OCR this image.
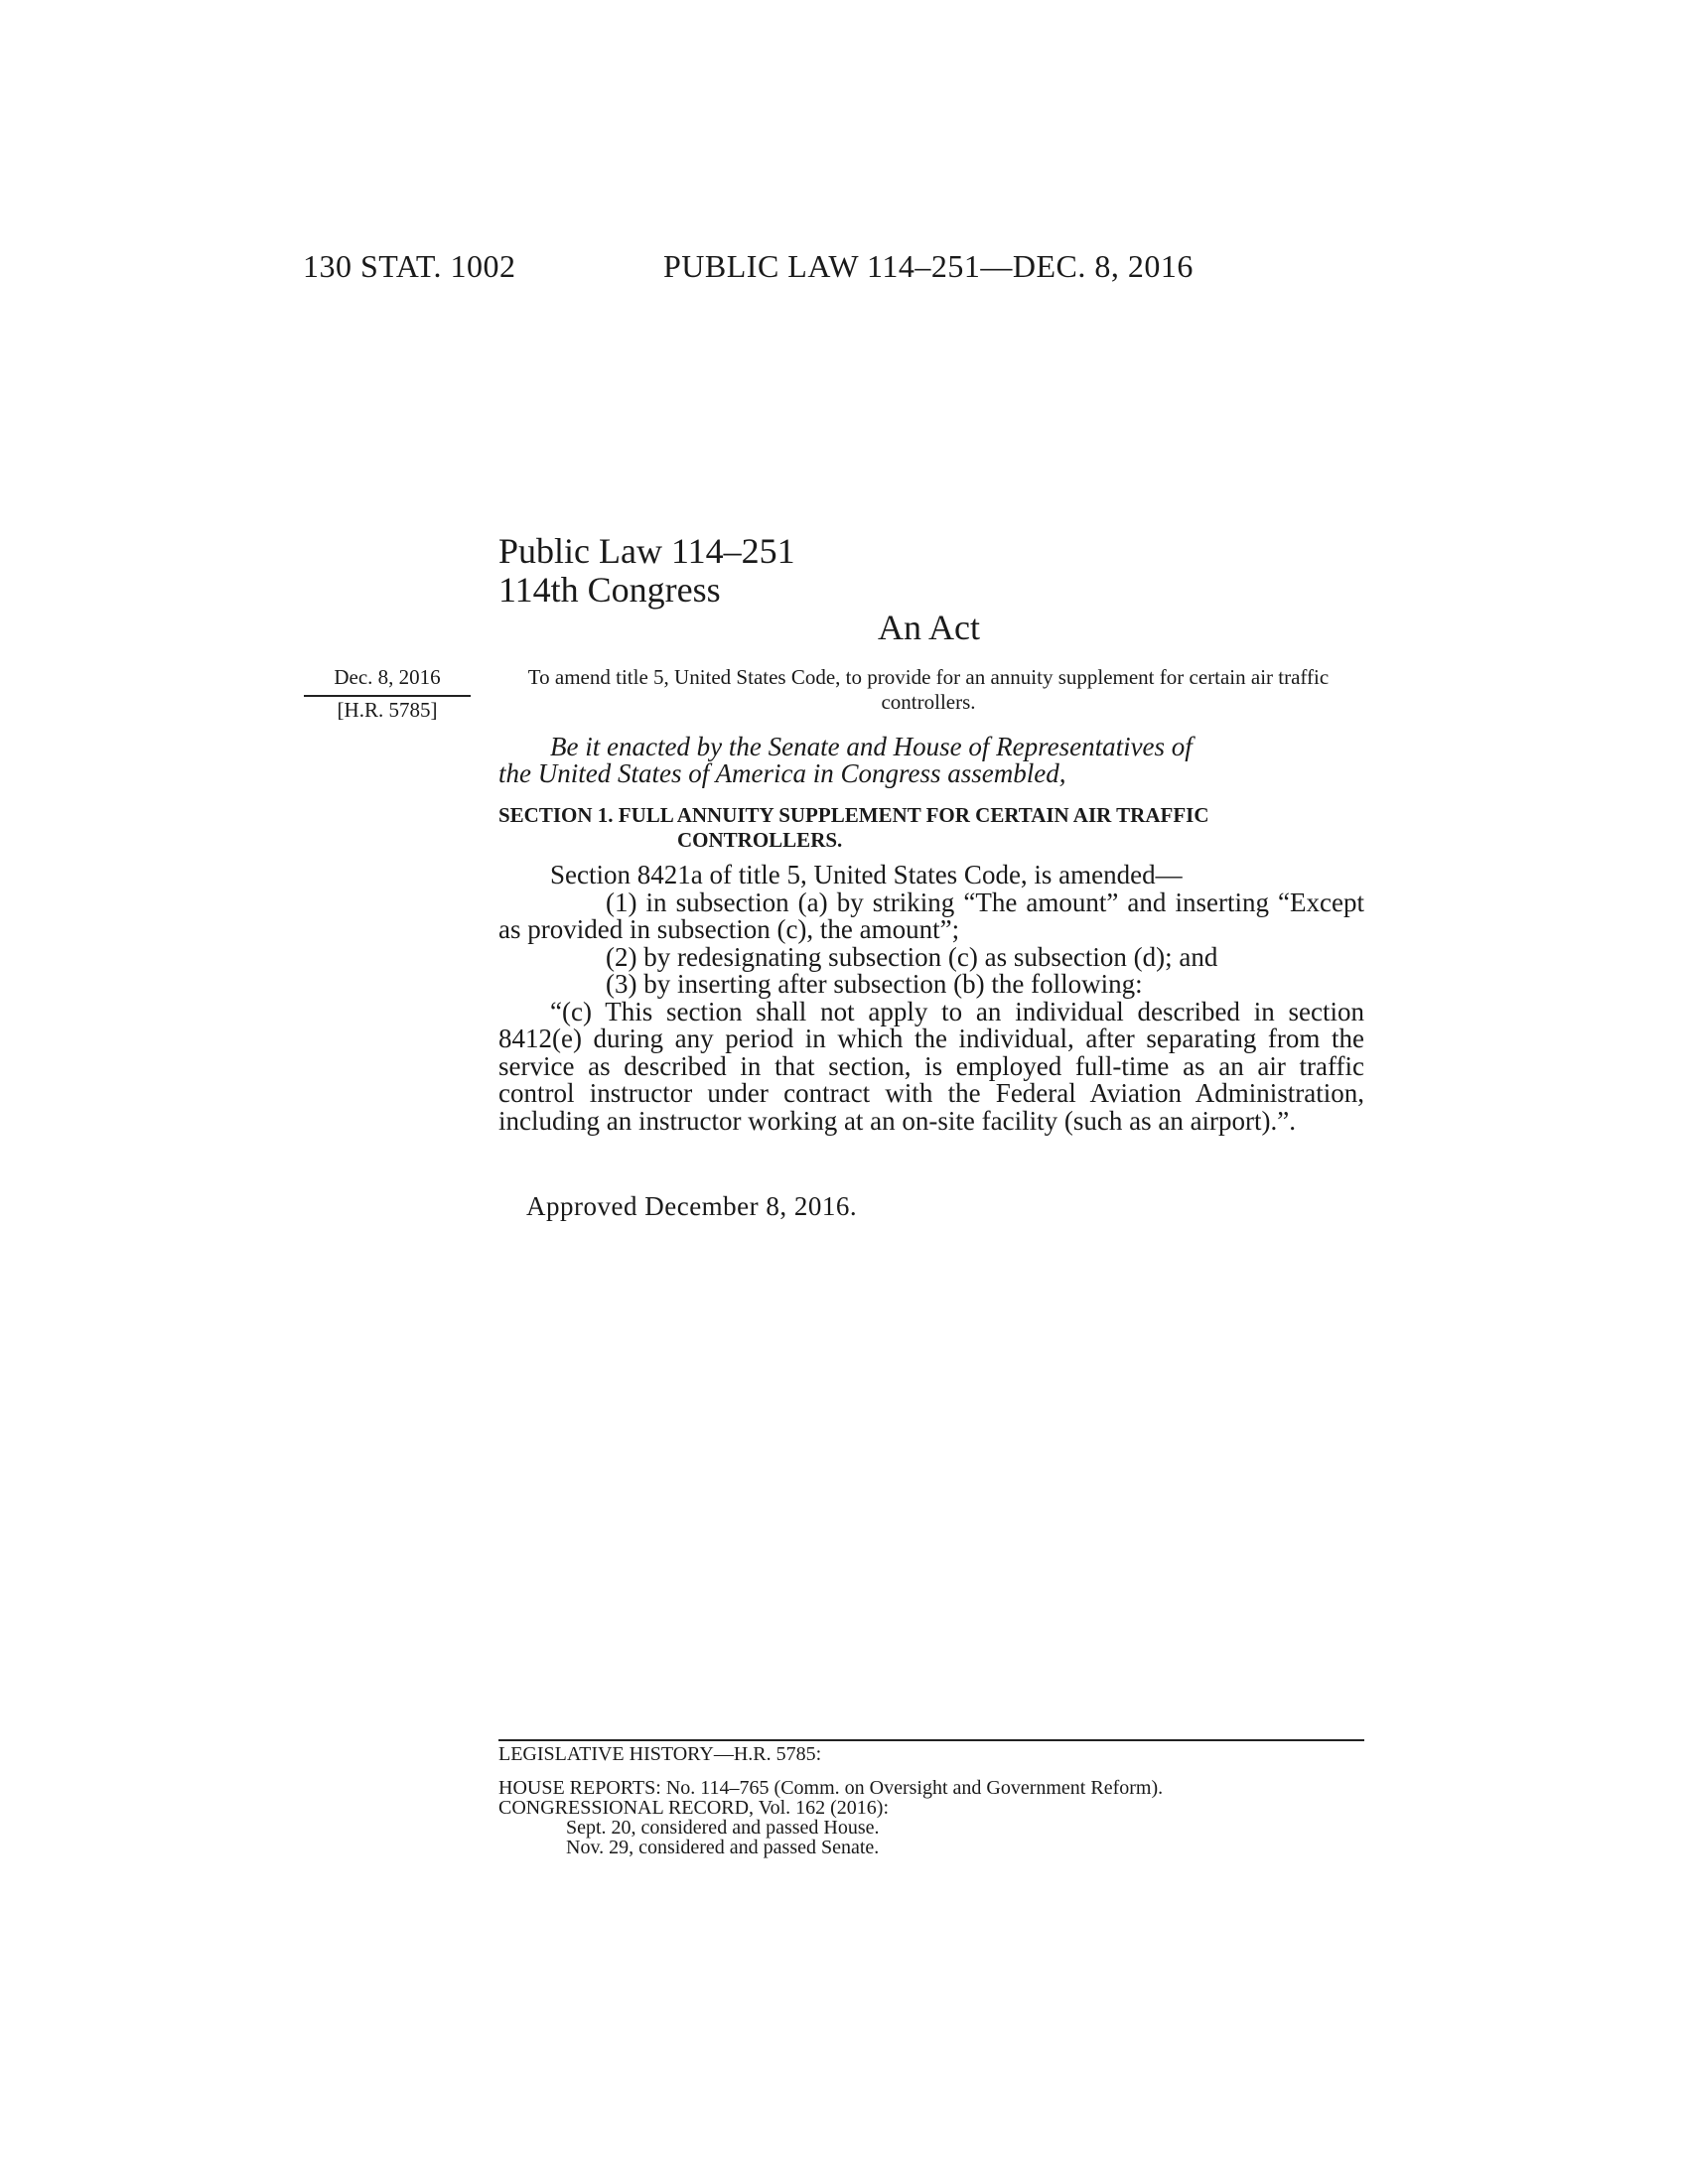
130 STAT. 1002	PUBLIC LAW 114–251—DEC. 8, 2016
Public Law 114–251
114th Congress
An Act
Dec. 8, 2016
[H.R. 5785]
To amend title 5, United States Code, to provide for an annuity supplement for certain air traffic controllers.
Be it enacted by the Senate and House of Representatives of
the United States of America in Congress assembled,
SECTION 1. FULL ANNUITY SUPPLEMENT FOR CERTAIN AIR TRAFFIC
CONTROLLERS.

Section 8421a of title 5, United States Code, is amended—

(1) in subsection (a) by striking “The amount” and inserting “Except as provided in subsection (c), the amount”;

(2) by redesignating subsection (c) as subsection (d); and

(3) by inserting after subsection (b) the following:

“(c) This section shall not apply to an individual described in section 8412(e) during any period in which the individual, after separating from the service as described in that section, is employed full-time as an air traffic control instructor under contract with the Federal Aviation Administration, including an instructor working at an on-site facility (such as an airport).”.

Approved December 8, 2016.
LEGISLATIVE HISTORY—H.R. 5785:
HOUSE REPORTS: No. 114–765 (Comm. on Oversight and Government Reform).
CONGRESSIONAL RECORD, Vol. 162 (2016):
Sept. 20, considered and passed House.
Nov. 29, considered and passed Senate.
